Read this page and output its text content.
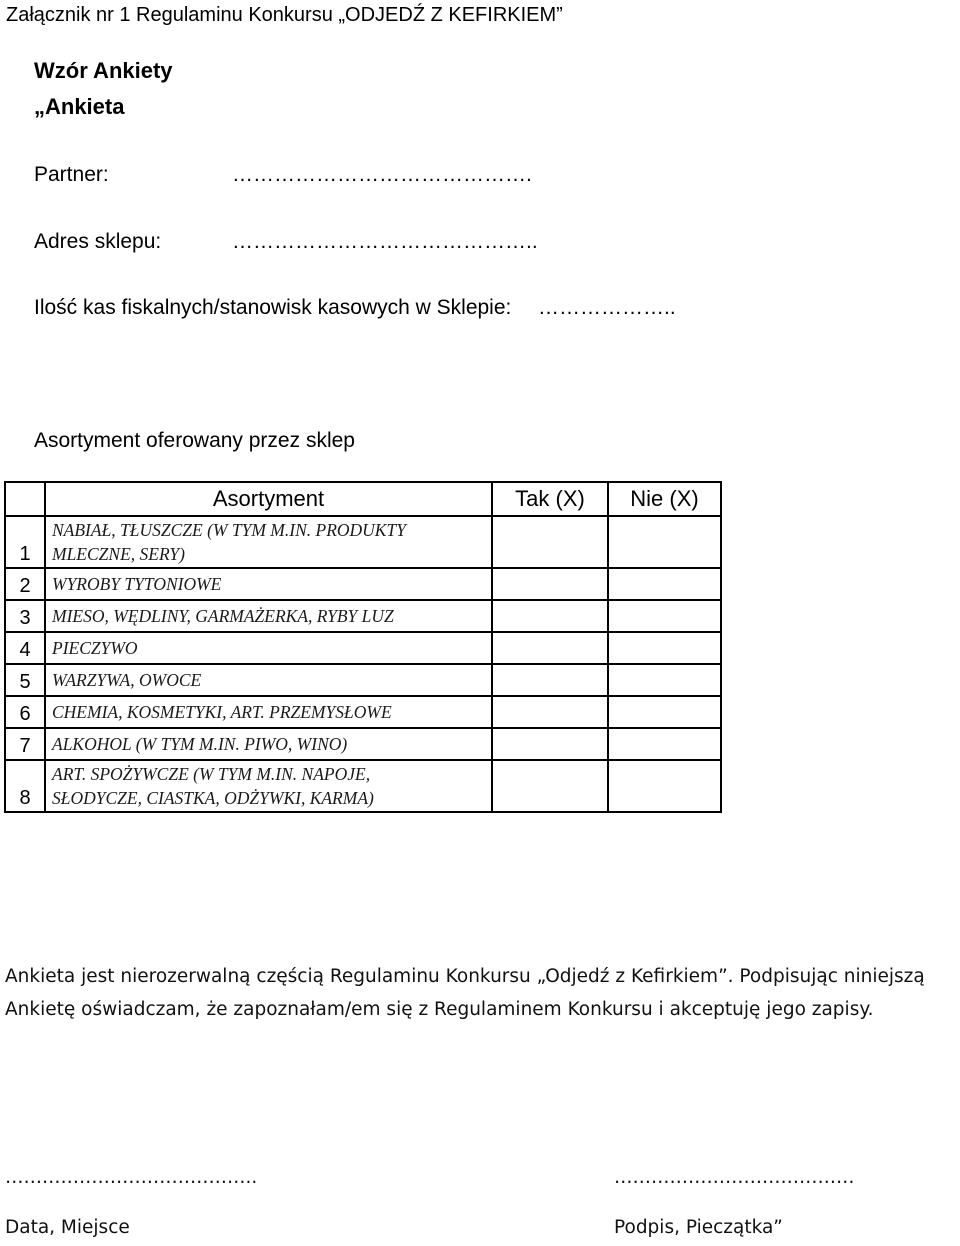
Załącznik nr 1 Regulaminu Konkursu „ODJEDŹ Z KEFIRKIEM”
Wzór Ankiety
„Ankieta
Partner:	…………………………………….
Adres sklepu:	……………………………………..
Ilość kas fiskalnych/stanowisk kasowych w Sklepie: ………………..
Asortyment oferowany przez sklep
	Asortyment	Tak (X)	Nie (X)
1	NABIAŁ, TŁUSZCZE (W TYM M.IN. PRODUKTY
MLECZNE, SERY)		
2	WYROBY TYTONIOWE		
3	MIESO, WĘDLINY, GARMAŻERKA, RYBY LUZ		
4	PIECZYWO		
5	WARZYWA, OWOCE		
6	CHEMIA, KOSMETYKI, ART. PRZEMYSŁOWE		
7	ALKOHOL (W TYM M.IN. PIWO, WINO)		
8	ART. SPOŻYWCZE (W TYM M.IN. NAPOJE,
SŁODYCZE, CIASTKA, ODŻYWKI, KARMA)		
Ankieta jest nierozerwalną częścią Regulaminu Konkursu „Odjedź z Kefirkiem”. Podpisując niniejszą
Ankietę oświadczam, że zapoznałam/em się z Regulaminem Konkursu i akceptuję jego zapisy.
…………………………………..
Data, Miejsce
…………………………………
Podpis, Pieczątka”
